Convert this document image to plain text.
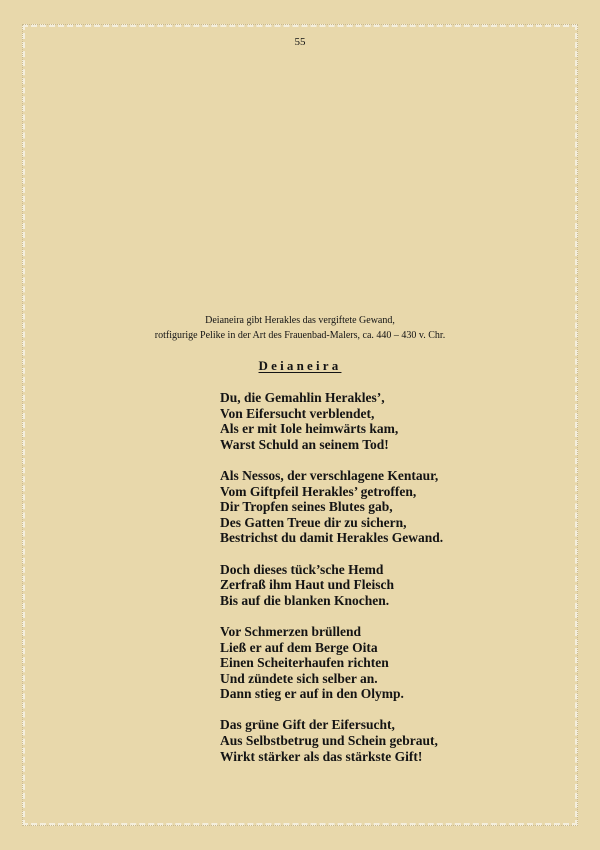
55
Deianeira gibt Herakles das vergiftete Gewand,
rotfigurige Pelike in der Art des Frauenbad-Malers, ca. 440 – 430 v. Chr.
Deianeira
Du, die Gemahlin Herakles’,
Von Eifersucht verblendet,
Als er mit Iole heimwärts kam,
Warst Schuld an seinem Tod!
Als Nessos, der verschlagene Kentaur,
Vom Giftpfeil Herakles’ getroffen,
Dir Tropfen seines Blutes gab,
Des Gatten Treue dir zu sichern,
Bestrichst du damit Herakles Gewand.
Doch dieses tück’sche Hemd
Zerfraß ihm Haut und Fleisch
Bis auf die blanken Knochen.
Vor Schmerzen brüllend
Ließ er auf dem Berge Oita
Einen Scheiterhaufen richten
Und zündete sich selber an.
Dann stieg er auf in den Olymp.
Das grüne Gift der Eifersucht,
Aus Selbstbetrug und Schein gebraut,
Wirkt stärker als das stärkste Gift!
